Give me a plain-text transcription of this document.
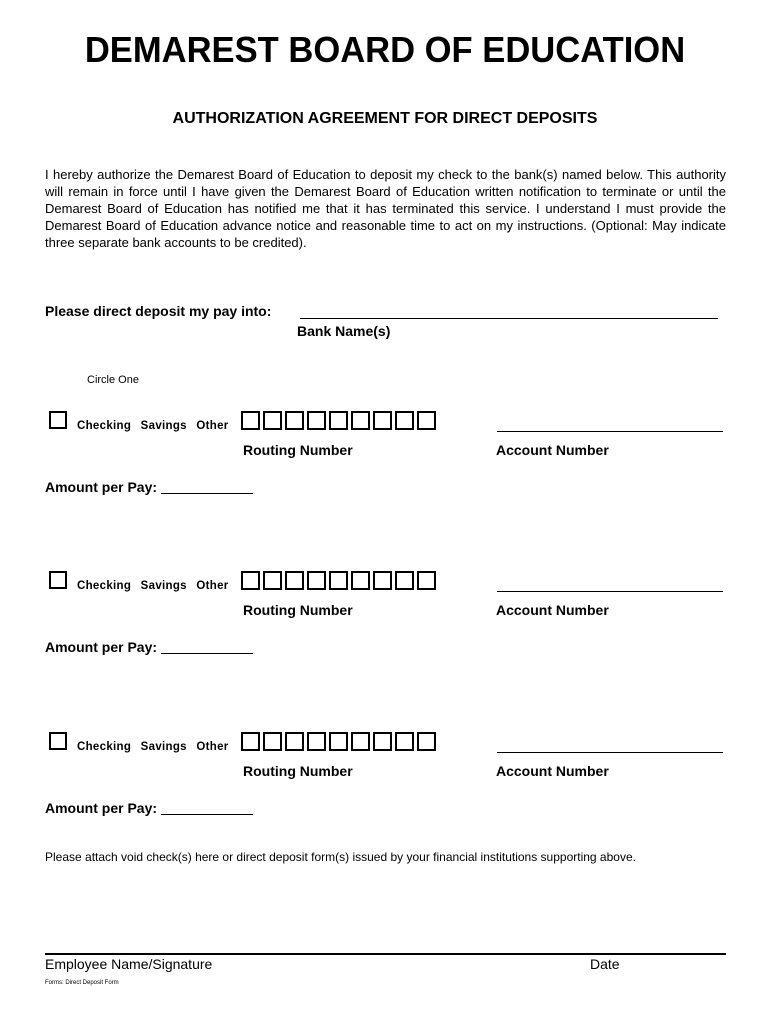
DEMAREST BOARD OF EDUCATION
AUTHORIZATION AGREEMENT FOR DIRECT DEPOSITS

I hereby authorize the Demarest Board of Education to deposit my check to the bank(s) named below. This authority will remain in force until I have given the Demarest Board of Education written notification to terminate or until the Demarest Board of Education has notified me that it has terminated this service. I understand I must provide the Demarest Board of Education advance notice and reasonable time to act on my instructions. (Optional: May indicate three separate bank accounts to be credited).

Please direct deposit my pay into:
Bank Name(s)
Circle One
Checking Savings Other
Routing Number	Account Number
Amount per Pay:
Checking Savings Other
Routing Number	Account Number
Amount per Pay:
Checking Savings Other
Routing Number	Account Number
Amount per Pay:
Please attach void check(s) here or direct deposit form(s) issued by your financial institutions supporting above.
Employee Name/Signature	Date
Forms: Direct Deposit Form
